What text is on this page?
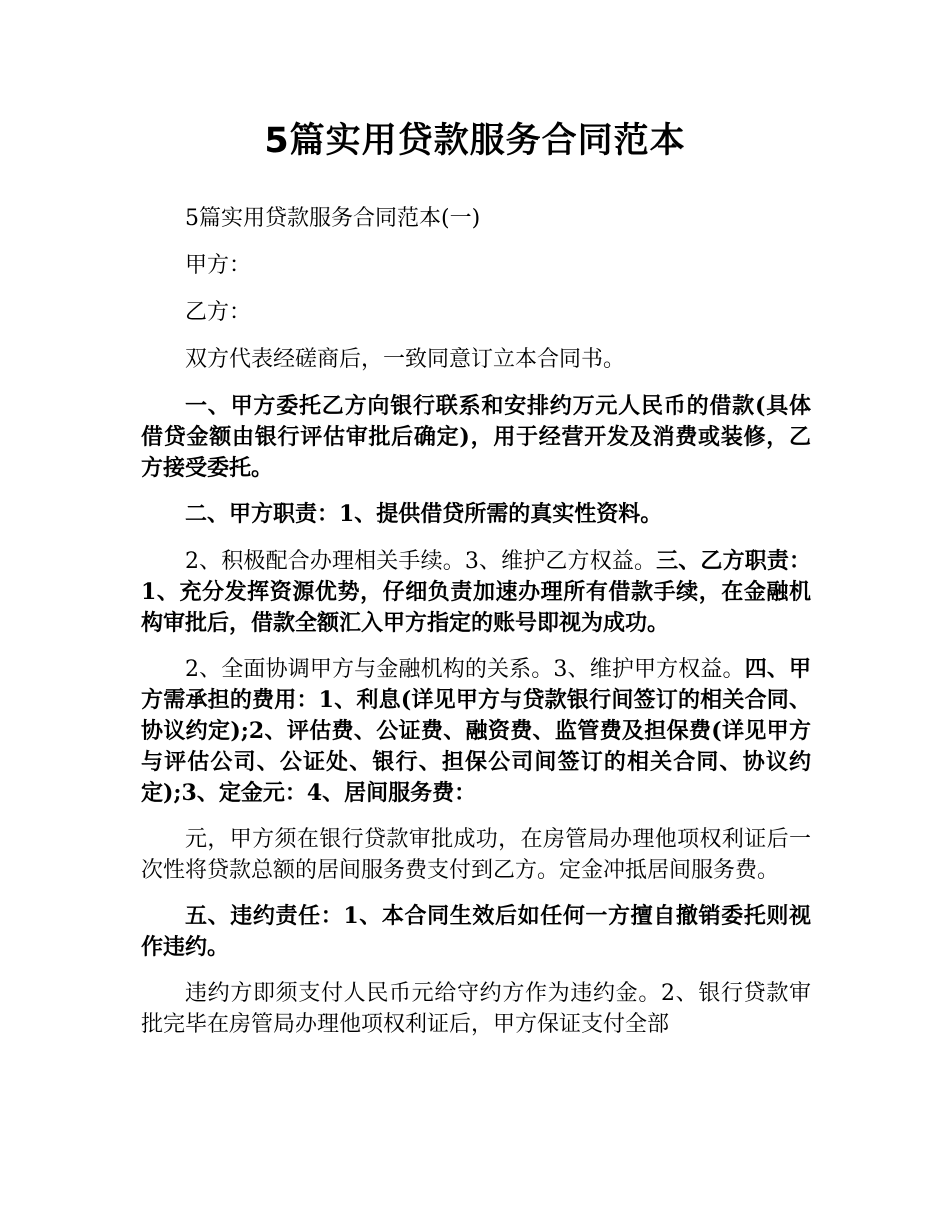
5篇实用贷款服务合同范本

5篇实用贷款服务合同范本(一)

甲方：

乙方：

双方代表经磋商后，一致同意订立本合同书。

一、甲方委托乙方向银行联系和安排约万元人民币的借款(具体借贷金额由银行评估审批后确定)，用于经营开发及消费或装修，乙方接受委托。

二、甲方职责：1、提供借贷所需的真实性资料。

2、积极配合办理相关手续。3、维护乙方权益。三、乙方职责：1、充分发挥资源优势，仔细负责加速办理所有借款手续，在金融机构审批后，借款全额汇入甲方指定的账号即视为成功。

2、全面协调甲方与金融机构的关系。3、维护甲方权益。四、甲方需承担的费用：1、利息(详见甲方与贷款银行间签订的相关合同、协议约定);2、评估费、公证费、融资费、监管费及担保费(详见甲方与评估公司、公证处、银行、担保公司间签订的相关合同、协议约定);3、定金元：4、居间服务费：

元，甲方须在银行贷款审批成功，在房管局办理他项权利证后一次性将贷款总额的居间服务费支付到乙方。定金冲抵居间服务费。

五、违约责任：1、本合同生效后如任何一方擅自撤销委托则视作违约。

违约方即须支付人民币元给守约方作为违约金。2、银行贷款审批完毕在房管局办理他项权利证后，甲方保证支付全部
